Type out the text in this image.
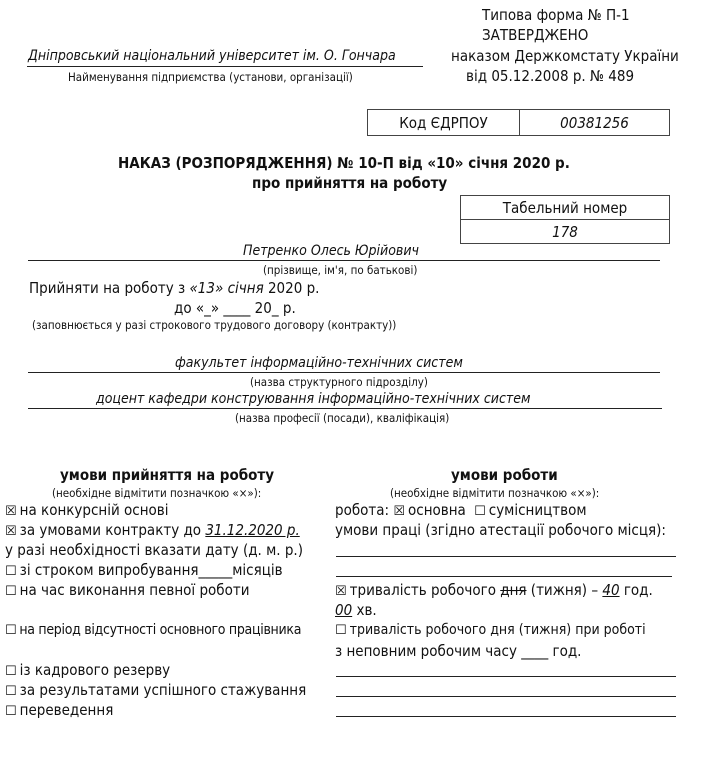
Типова форма № П-1
ЗАТВЕРДЖЕНО
наказом Держкомстату України
від 05.12.2008 р. № 489
Дніпровський національний університет ім. О. Гончара
Найменування підприємства (установи, організації)
Код ЄДРПОУ	00381256
НАКАЗ (РОЗПОРЯДЖЕННЯ) № 10-П від «10» січня 2020 р.
про прийняття на роботу
Табельний номер
178
Петренко Олесь Юрійович
(прізвище, ім'я, по батькові)
Прийняти на роботу з «13» січня 2020 р.
до «_» ____ 20_ р.
(заповнюється у разі строкового трудового договору (контракту))
факультет інформаційно-технічних систем
(назва структурного підрозділу)
доцент кафедри конструювання інформаційно-технічних систем
(назва професії (посади), кваліфікація)
умови прийняття на роботу
(необхідне відмітити позначкою «×»):
☒ на конкурсній основі
☒ за умовами контракту до 31.12.2020 р.
у разі необхідності вказати дату (д. м. р.)
☐ зі строком випробування_____місяців
☐ на час виконання певної роботи
☐ на період відсутності основного працівника
☐ із кадрового резерву
☐ за результатами успішного стажування
☐ переведення
умови роботи
(необхідне відмітити позначкою «×»):
робота: ☒ основна ☐ сумісництвом
умови праці (згідно атестації робочого місця):
☒ тривалість робочого дня (тижня) – 40 год.
00 хв.
☐ тривалість робочого дня (тижня) при роботі
з неповним робочим часу ____ год.
